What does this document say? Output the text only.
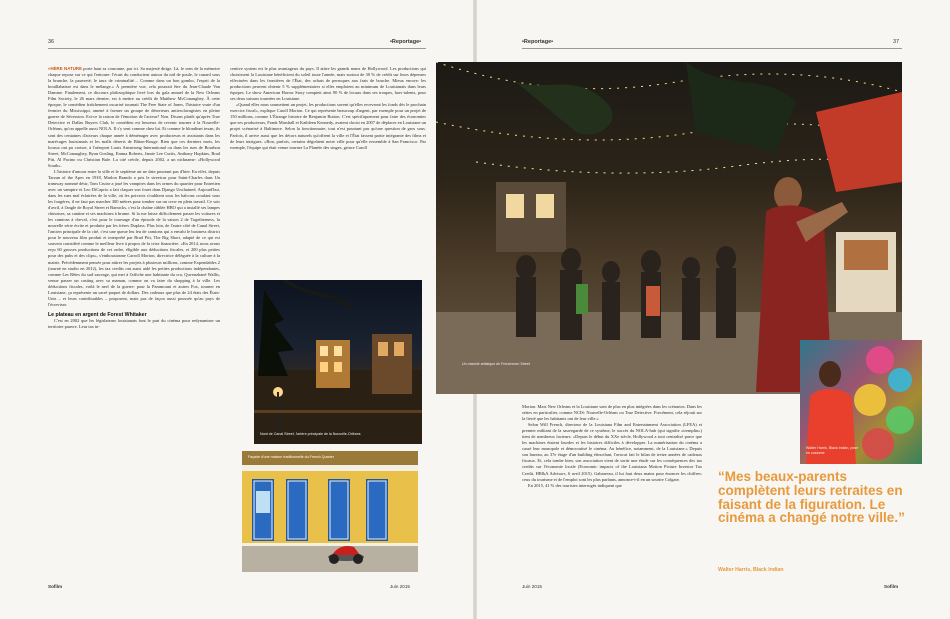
36	•Reportage•	•Reportage•	37

«HÈRE NATURE porte haut sa couronne, par ici. Sa majesté dirige. Là, le sens de la mémoire chaque repose sur ce qui l'entoure: l'écart du conducteur autour du nid de poule, le canard sous la branche, la pauvreté, le taux de criminalité… Comme dans un bon gombo, l'esprit de la bouillabaisse est dans le mélange.» À première vue, cela pourrait être du Jean-Claude Van Damme. Finalement, ce discours philosophique livré lors du gala annuel de la New Orleans Film Society, le 26 mars dernier, est à mettre au crédit de Matthew McConaughey. À cette époque, le comédien fraîchement oscarisé tournait The Free State of Jones, l'histoire vraie d'un fermier du Mississippi, amené à former un groupe de déserteurs antiesclavagistes en pleine guerre de Sécession. Est-ce la raison de l'émotion de l'acteur? Non. Disons plutôt qu'après True Detective et Dallas Buyers Club, le comédien est heureux de revenir tourner à la Nouvelle-Orléans, qu'on appelle aussi NOLA. Il s'y sent comme chez lui. Et comme le blondinet texan, ils sont des centaines d'acteurs chaque année à déménager avec producteurs et assistants dans les marécages louisianais et les malls déserts de Bâton-Rouge. Rien que ces derniers mois, les locaux ont pu croiser, à l'aéroport Louis Armstrong International ou dans les rues de Bourbon Street, McConaughey, Ryan Gosling, Emma Roberts, Jamie Lee Curtis, Anthony Hopkins, Brad Pitt, Al Pacino ou Christian Bale. La cité créole, depuis 2002, a un nickname: «Hollywood South».

L'histoire d'amour entre la ville et le septième art ne date pourtant pas d'hier. En effet, depuis Tarzan of the Apes en 1918, Marlon Brando a pris le streetcar pour Saint-Charles dans Un tramway nommé désir, Tom Cruise a joué les vampires dans les ormes du quartier pour Entretien avec un vampire et Leo DiCaprio a fait claquer son fouet dans Django Unchained. Aujourd'hui, dans les rues mal éclairées de la ville, où les poivrots s'oublient sous les balcons croulant sous les fougères, il ne faut pas marcher 300 mètres pour tomber sur un crew en plein travail. Ce soir d'avril, à l'angle de Royal Street et Barracks, c'est la chaîne câblée HBO qui a installé ses lampes chinoises, sa cantine et ses machines à brume. Si la rue laisse difficilement passer les voitures et les camions à cheval, c'est pour le tournage d'un épisode de la saison 2 de Togetherness, la nouvelle série écrite et produite par les frères Duplass. Plus loin, de l'autre côté de Canal Street, l'ancien principale de la cité, c'est une queue leu leu de camions qui a envahi le business district pour le nouveau film produit et interprété par Brad Pitt, The Big Short, adapté de ce qui est souvent considéré comme le meilleur livre à propos de la crise financière. «En 2014, nous avons reçu 60 grosses productions de cet ordre, éligible aux déductions fiscales, et 200 plus petites pour des pubs et des clips», s'enthousiasme Carroll Morton, directrice déléguée à la culture à la mairie. Précédemment pensée pour attirer les projets à plusieurs millions, comme Expendables 2 (tourné en studio en 2012), les tax credits ont aussi aidé les petites productions indépendantes, comme Les Bêtes du sud sauvage, qui met à l'affiche une habitante du cru, Quvenzhané Wallis, venue passer un casting avec sa maman, comme on va faire du shopping à la ville. Les déductions fiscales, voilà le nerf de la guerre: pour la Paramount et autres Fox, tourner en Louisiane, ça représente un sacré paquet de dollars. Des cadeaux que plus de 24 états des États-Unis – et leurs contribuables – proposent, mais pas de façon aussi poussée qu'au pays de l'écrevisse.

Le plateau en argent de Forest Whitaker

C'est en 2002 que les législateurs louisianais font le pari du cinéma pour redynamiser un territoire pauvre. Leur tax in-

centive system est le plus avantageux du pays. Il attire les grands noms de Hollywood. Les productions qui choisissent la Louisiane bénéficient du soleil toute l'année, mais surtout de 30 % de crédit sur leurs dépenses effectuées dans les frontières de l'État, des achats de perruques aux frais de bouche. Mieux encore: les productions peuvent obtenir 5 % supplémentaires si elles emploient au minimum de Louisianais dans leurs équipes. Le show American Horror Story compteit ainsi 90 % de locaux dans ses troupes, hors-talents, pour ses deux saisons tournées en Louisiane.

«Quand elles nous soumettent un projet, les productions savent qu'elles recevront les fonds dès le prochain exercice fiscal», explique Caroll Morton. Ce qui représente beaucoup d'argent, par exemple pour un projet de 150 millions, comme L'Étrange histoire de Benjamin Button. C'est spécifiquement pour faire des économies que ses producteurs, Frank Marshall et Kathleen Kennedy, avaient choisi en 2007 de déplacer en Louisiane un projet scénarisé à Baltimore. Selon la fonctionnaire, tout n'est pourtant pas qu'une question de gros sous. Parfois, il arrive aussi que les décors naturels qu'offrent la ville et l'État fassent partie intégrante des films et de leurs intrigues. «Bon, parfois, certains dégoûtent notre ville pour qu'elle ressemble à San Francisco. Par exemple, l'équipe qui était venue tourner La Planète des singes, grince Caroll

Nord de Canal Street, l'artère principale de la Nouvelle-Orléans
Façade d'une maison traditionnelle du French Quarter
Sofilm	Juin 2015
Un marché artistique de Frenchmen Street

Morton. Mais New Orleans et la Louisiane sont de plus en plus intégrées dans les scénarios. Dans les séries en particulier, comme NCIS: Nouvelle-Orléans ou True Detective. Forcément, cela réjouit sur la fierté que les habitants ont de leur ville.»

Selon Will French, directeur de la Louisiana Film and Entertainment Association (LFEA) et premier militant de la sauvegarde de ce système, le succès du NOLA-hub (qui signifie «tremplin») tient de nombreux facteurs: «Depuis le début du XXe siècle, Hollywood a tout centralisé parce que les machines étaient lourdes et les histoires difficiles à développer. La numérisation du cinéma a cassé leur monopole et démocratisé le cinéma. Au bénéfice, notamment, de la Louisiane.» Depuis son bureau, au 37e étage d'un building étincelant, l'avocat fait le bilan de treize années de cadeaux fiscaux. Et, cela tombe bien, son association vient de sortir une étude sur les conséquences des tax credits sur l'économie locale (Economic impacts of the Louisiana Motion Picture Investor Tax Credit, HR&A Advisors, 6 avril 2015). Gabarreau, il lui faut deux mains pour énoncer les chiffres: ceux du tourisme et de l'emploi sont les plus parlants, annonce-t-il en un sourire Colgate.

En 2015, 41 % des touristes interrogés indiquent que

Walter Harris, Black Indian, pose en costume
“Mes beaux-parents complètent leurs retraites en faisant de la figuration. Le cinéma a changé notre ville.”
Walter Harris, Black Indian
Juin 2015	Sofilm
